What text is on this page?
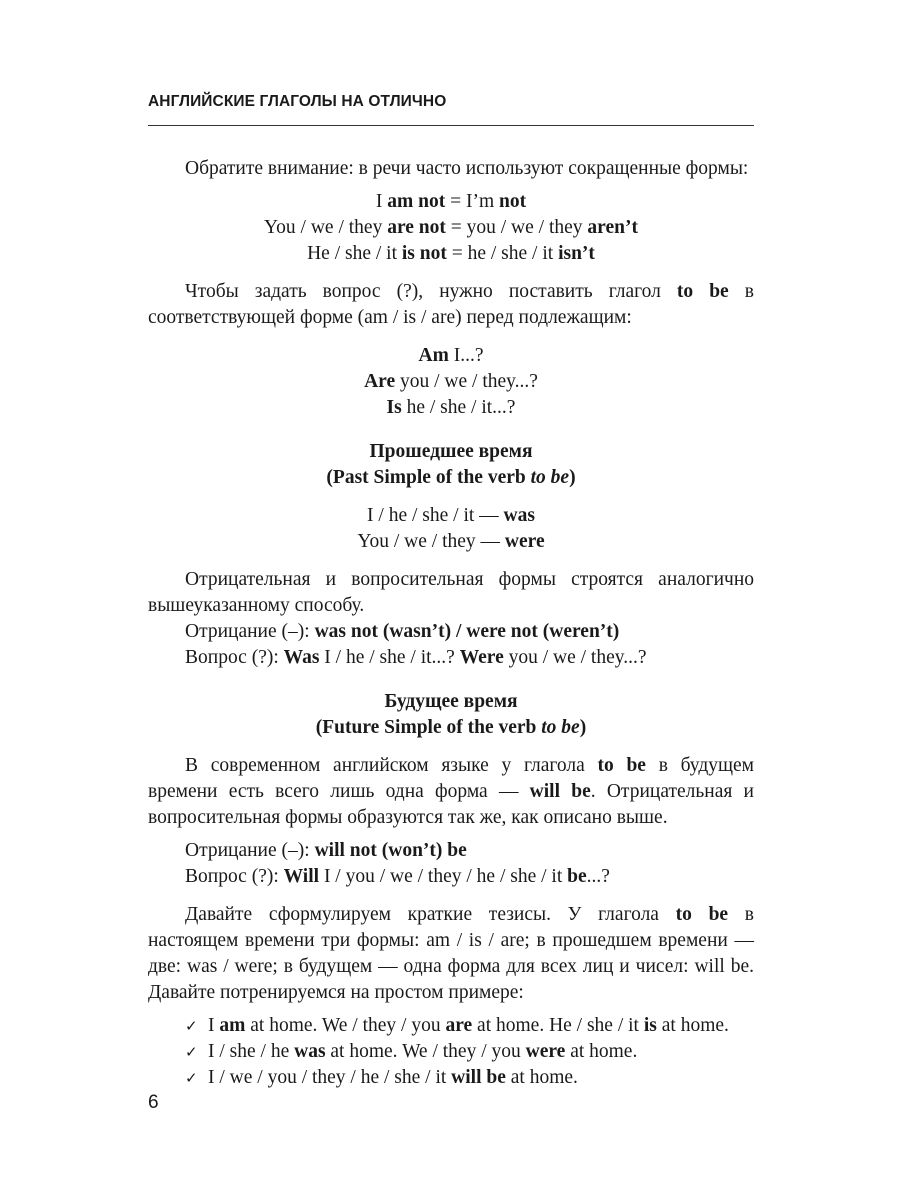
АНГЛИЙСКИЕ ГЛАГОЛЫ НА ОТЛИЧНО

Обратите внимание: в речи часто используют сокращенные формы:

I am not = I’m not

You / we / they are not = you / we / they aren’t

He / she / it is not = he / she / it isn’t

Чтобы задать вопрос (?), нужно поставить глагол to be в соответствующей форме (am / is / are) перед подлежащим:

Am I...?

Are you / we / they...?

Is he / she / it...?

Прошедшее время

(Past Simple of the verb to be)

I / he / she / it — was

You / we / they — were

Отрицательная и вопросительная формы строятся аналогично вышеуказанному способу.

Отрицание (–): was not (wasn’t) / were not (weren’t)

Вопрос (?): Was I / he / she / it...? Were you / we / they...?

Будущее время

(Future Simple of the verb to be)

В современном английском языке у глагола to be в будущем времени есть всего лишь одна форма — will be. Отрицательная и вопросительная формы образуются так же, как описано выше.

Отрицание (–): will not (won’t) be

Вопрос (?): Will I / you / we / they / he / she / it be...?

Давайте сформулируем краткие тезисы. У глагола to be в настоящем времени три формы: am / is / are; в прошедшем времени — две: was / were; в будущем — одна форма для всех лиц и чисел: will be. Давайте потренируемся на простом примере:

✓ I am at home. We / they / you are at home. He / she / it is at home.
✓ I / she / he was at home. We / they / you were at home.
✓ I / we / you / they / he / she / it will be at home.
6
